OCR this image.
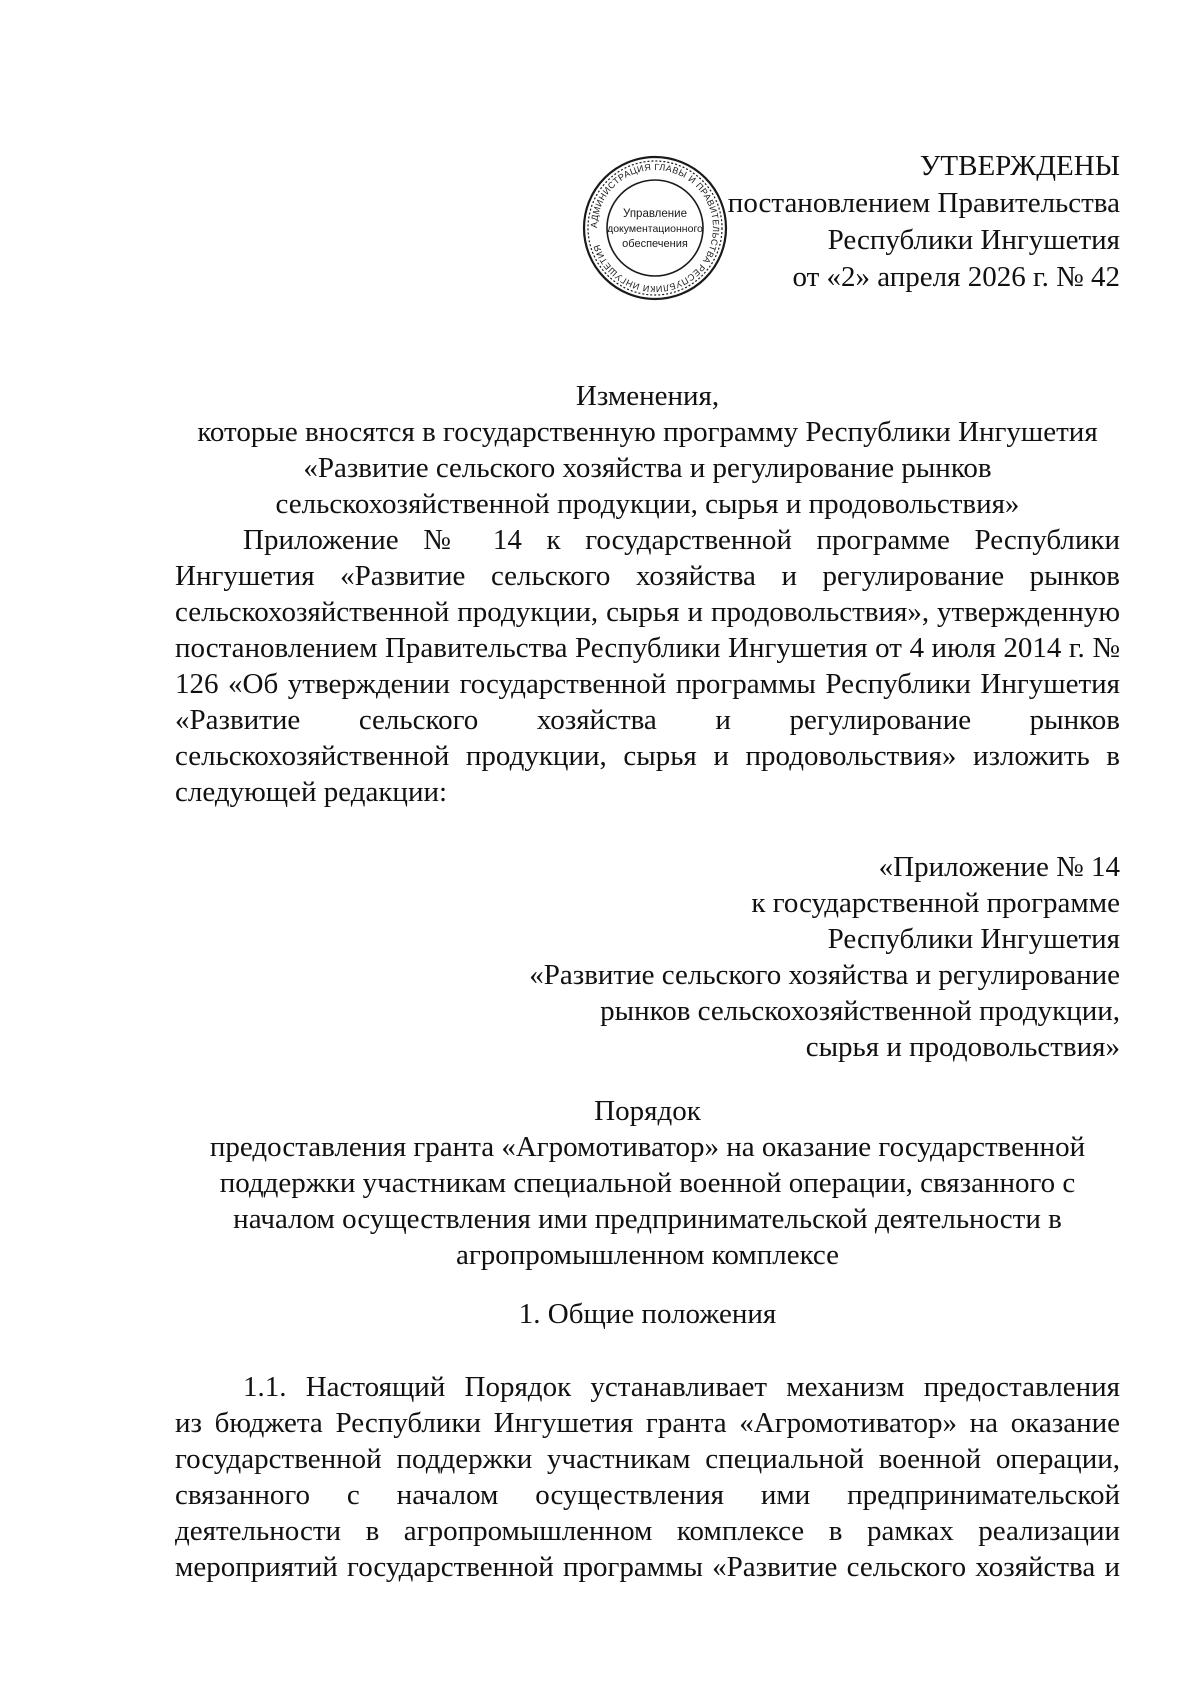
УТВЕРЖДЕНЫ
постановлением Правительства
Республики Ингушетия
от «2» апреля 2026 г. № 42
АДМИНИСТРАЦИЯ ГЛАВЫ И ПРАВИТЕЛЬСТВА РЕСПУБЛИКИ ИНГУШЕТИЯ
Управление
документационного
обеспечения
Изменения,
которые вносятся в государственную программу Республики Ингушетия
«Развитие сельского хозяйства и регулирование рынков
сельскохозяйственной продукции, сырья и продовольствия»
Приложение № 14 к государственной программе Республики
Ингушетия «Развитие сельского хозяйства и регулирование рынков
сельскохозяйственной продукции, сырья и продовольствия», утвержденную
постановлением Правительства Республики Ингушетия от 4 июля 2014 г. №
126 «Об утверждении государственной программы Республики Ингушетия
«Развитие сельского хозяйства и регулирование рынков
сельскохозяйственной продукции, сырья и продовольствия» изложить в
следующей редакции:
«Приложение № 14
к государственной программе
Республики Ингушетия
«Развитие сельского хозяйства и регулирование
рынков сельскохозяйственной продукции,
сырья и продовольствия»
Порядок
предоставления гранта «Агромотиватор» на оказание государственной
поддержки участникам специальной военной операции, связанного с
началом осуществления ими предпринимательской деятельности в
агропромышленном комплексе
1. Общие положения
1.1. Настоящий Порядок устанавливает механизм предоставления
из бюджета Республики Ингушетия гранта «Агромотиватор» на оказание
государственной поддержки участникам специальной военной операции,
связанного с началом осуществления ими предпринимательской
деятельности в агропромышленном комплексе в рамках реализации
мероприятий государственной программы «Развитие сельского хозяйства и
